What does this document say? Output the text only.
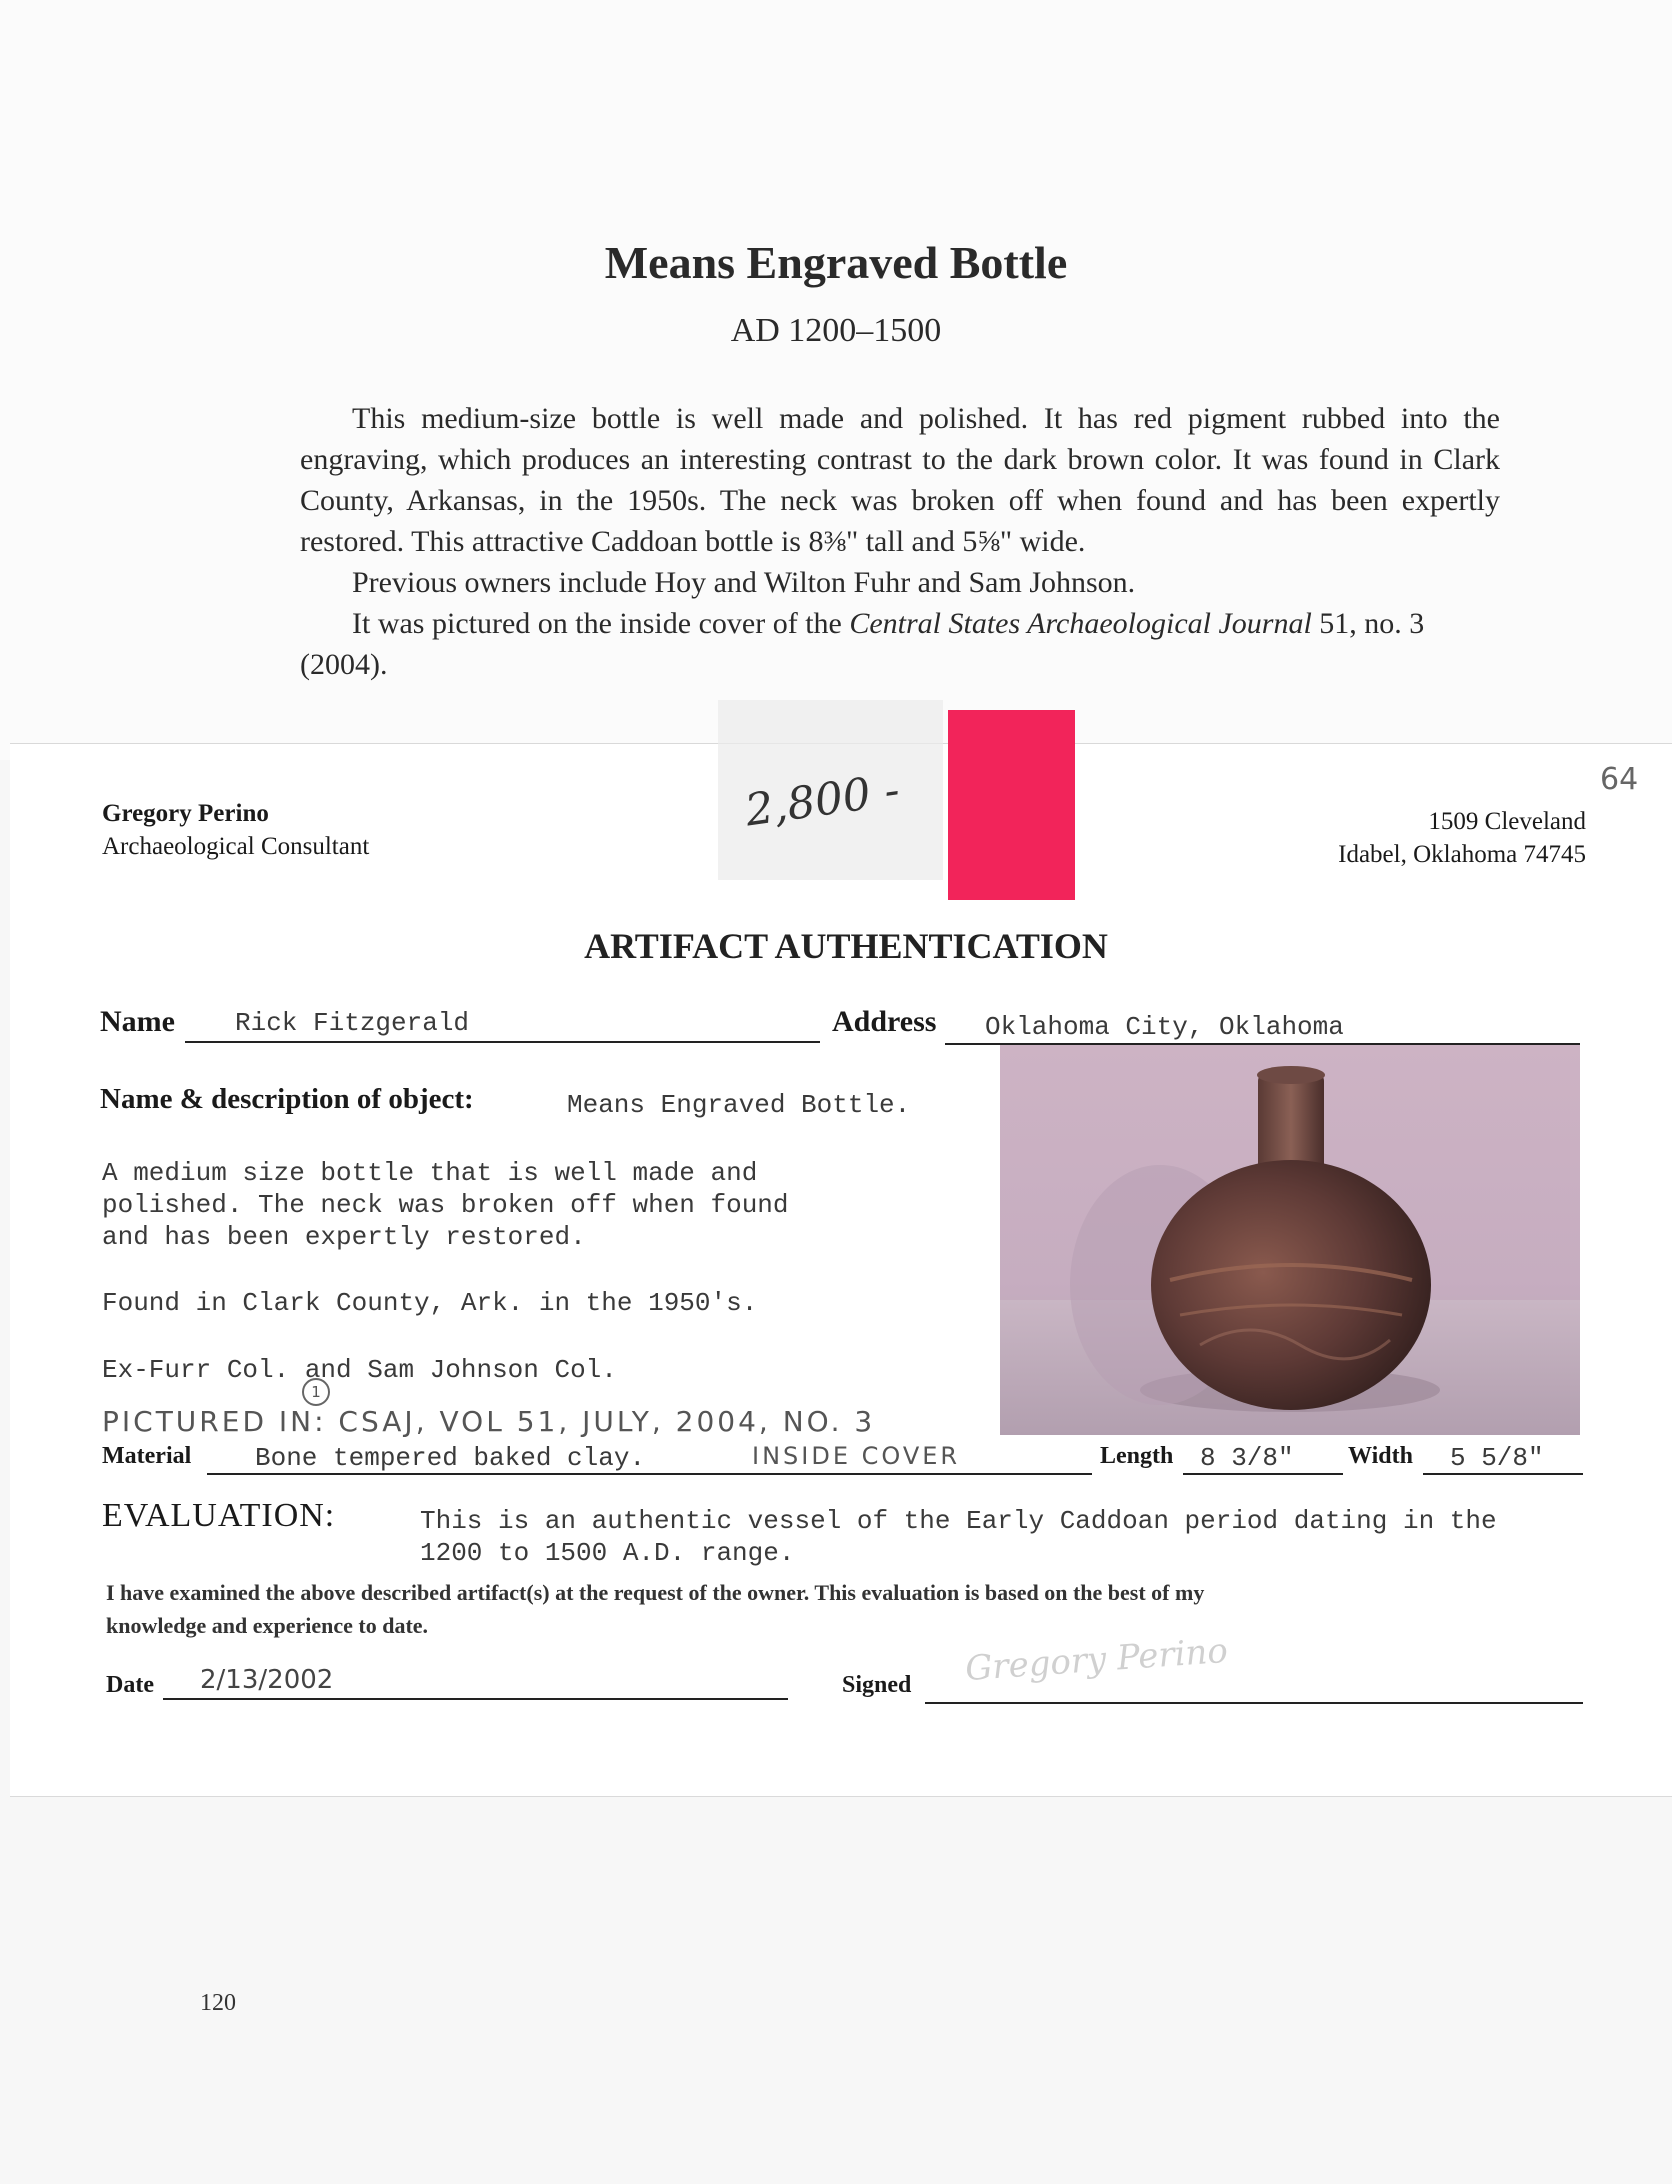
Means Engraved Bottle
AD 1200–1500

This medium-size bottle is well made and polished. It has red pigment rubbed into the engraving, which produces an interesting contrast to the dark brown color. It was found in Clark County, Arkansas, in the 1950s. The neck was broken off when found and has been expertly restored. This attractive Caddoan bottle is 8⅜" tall and 5⅝" wide.

Previous owners include Hoy and Wilton Fuhr and Sam Johnson.

It was pictured on the inside cover of the Central States Archaeological Journal 51, no. 3

(2004).

2,800 -	64
Gregory Perino
Archaeological Consultant
1509 Cleveland
Idabel, Oklahoma 74745
ARTIFACT AUTHENTICATION
Name Rick Fitzgerald	Address Oklahoma City, Oklahoma
Name & description of object:	Means Engraved Bottle.
A medium size bottle that is well made and
polished. The neck was broken off when found
and has been expertly restored.
Found in Clark County, Ark. in the 1950's.
Ex-Furr Col. and Sam Johnson Col.
1
PICTURED IN: CSAJ, VOL 51, JULY, 2004, NO. 3
Material Bone tempered baked clay.	INSIDE COVER	Length 8 3/8" Width 5 5/8"
EVALUATION:	This is an authentic vessel of the Early Caddoan period dating in the
1200 to 1500 A.D. range.
I have examined the above described artifact(s) at the request of the owner. This evaluation is based on the best of my
knowledge and experience to date.
Date 2/13/2002	Signed Gregory Perino
120
